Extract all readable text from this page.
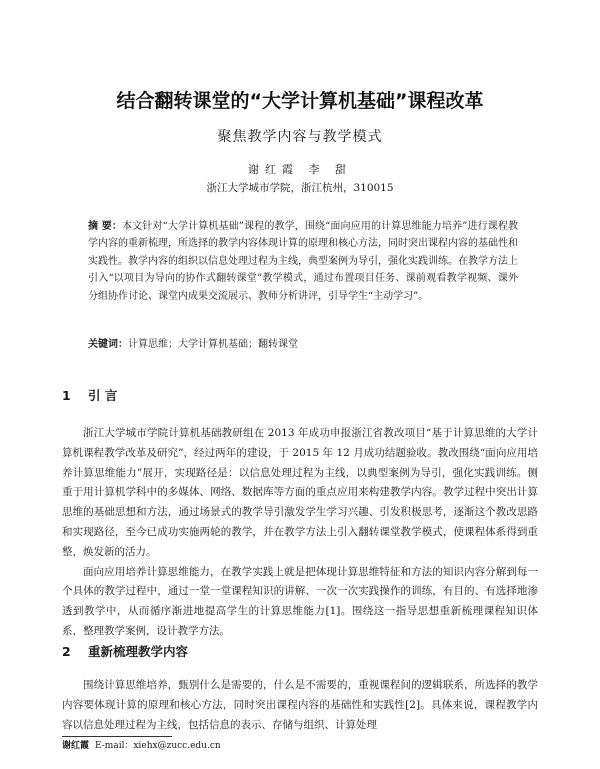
结合翻转课堂的“大学计算机基础”课程改革
聚焦教学内容与教学模式
谢红霞 李 甜
浙江大学城市学院，浙江杭州，310015
摘 要：本文针对“大学计算机基础”课程的教学，围绕“面向应用的计算思维能力培养”进行课程教学内容的重新梳理，所选择的教学内容体现计算的原理和核心方法，同时突出课程内容的基础性和实践性。教学内容的组织以信息处理过程为主线，典型案例为导引，强化实践训练。在教学方法上引入“以项目为导向的协作式翻转课堂”教学模式，通过布置项目任务、课前观看教学视频、课外分组协作讨论、课堂内成果交流展示、教师分析讲评，引导学生“主动学习”。
关键词：计算思维；大学计算机基础；翻转课堂
1 引 言

浙江大学城市学院计算机基础教研组在 2013 年成功申报浙江省教改项目“基于计算思维的大学计算机课程教学改革及研究”，经过两年的建设，于 2015 年 12 月成功结题验收。教改围绕“面向应用培养计算思维能力”展开，实现路径是：以信息处理过程为主线，以典型案例为导引，强化实践训练。侧重于用计算机学科中的多媒体、网络、数据库等方面的重点应用来构建教学内容。教学过程中突出计算思维的基础思想和方法，通过场景式的教学导引激发学生学习兴趣、引发积极思考，逐渐这个教改思路和实现路径，至今已成功实施两轮的教学，并在教学方法上引入翻转课堂教学模式，使课程体系得到重整，焕发新的活力。

面向应用培养计算思维能力，在教学实践上就是把体现计算思维特征和方法的知识内容分解到每一个具体的教学过程中，通过一堂一堂课程知识的讲解、一次一次实践操作的训练，有目的、有选择地渗透到教学中，从而循序渐进地提高学生的计算思维能力[1]。围绕这一指导思想重新梳理课程知识体系，整理教学案例，设计教学方法。

2 重新梳理教学内容

围绕计算思维培养，甄别什么是需要的，什么是不需要的，重视课程间的逻辑联系，所选择的教学内容要体现计算的原理和核心方法，同时突出课程内容的基础性和实践性[2]。具体来说，课程教学内容以信息处理过程为主线，包括信息的表示、存储与组织、计算处理

谢红霞 E-mail：xiehx@zucc.edu.cn
